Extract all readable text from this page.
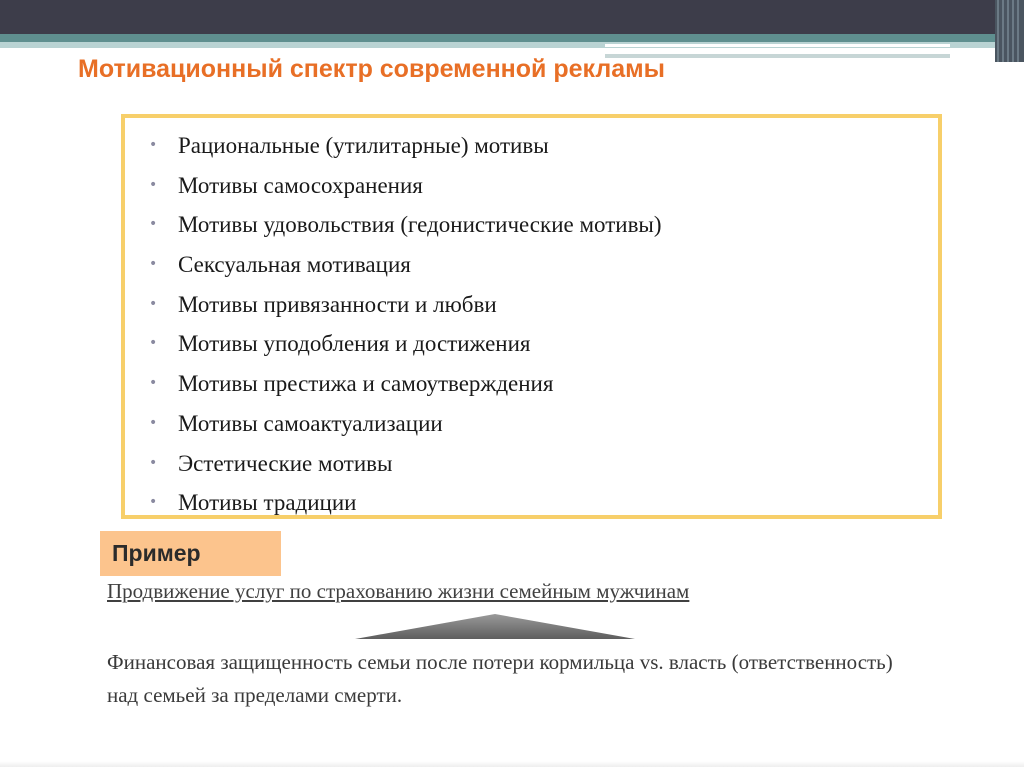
Мотивационный спектр современной рекламы
• Рациональные (утилитарные) мотивы
• Мотивы самосохранения
• Мотивы удовольствия (гедонистические мотивы)
• Сексуальная мотивация
• Мотивы привязанности и любви
• Мотивы уподобления и достижения
• Мотивы престижа и самоутверждения
• Мотивы самоактуализации
• Эстетические мотивы
• Мотивы традиции
Пример
Продвижение услуг по страхованию жизни семейным мужчинам

Финансовая защищенность семьи после потери кормильца vs. власть (ответственность) над семьей за пределами смерти.
